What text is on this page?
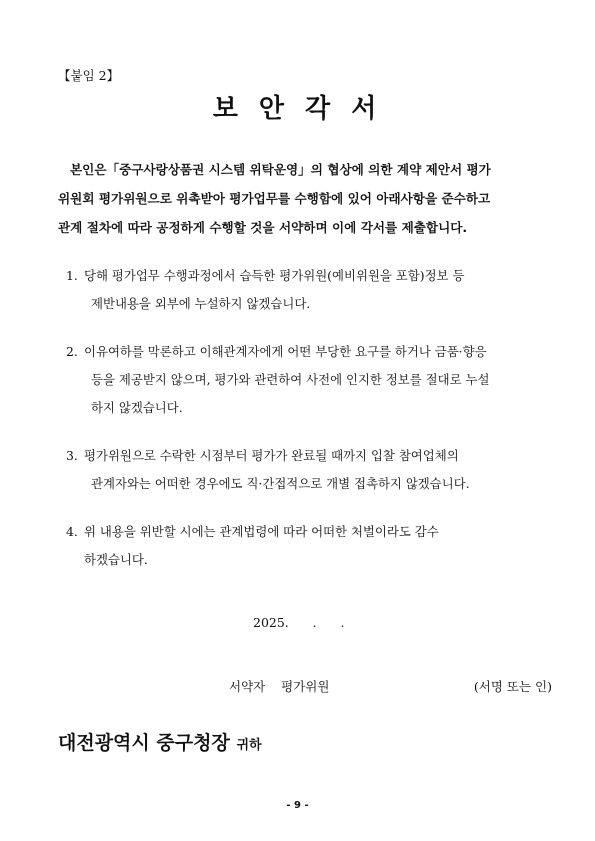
【붙임 2】
보 안 각 서
본인은「중구사랑상품권 시스템 위탁운영」의 협상에 의한 계약 제안서 평가
위원회 평가위원으로 위촉받아 평가업무를 수행함에 있어 아래사항을 준수하고
관계 절차에 따라 공정하게 수행할 것을 서약하며 이에 각서를 제출합니다.
1. 당해 평가업무 수행과정에서 습득한 평가위원(예비위원을 포함)정보 등
제반내용을 외부에 누설하지 않겠습니다.
2. 이유여하를 막론하고 이해관계자에게 어떤 부당한 요구를 하거나 금품·향응
등을 제공받지 않으며, 평가와 관련하여 사전에 인지한 정보를 절대로 누설
하지 않겠습니다.
3. 평가위원으로 수락한 시점부터 평가가 완료될 때까지 입찰 참여업체의
관계자와는 어떠한 경우에도 직·간접적으로 개별 접촉하지 않겠습니다.
4. 위 내용을 위반할 시에는 관계법령에 따라 어떠한 처벌이라도 감수
하겠습니다.
2025.      .      .
서약자    평가위원	(서명 또는 인)
대전광역시 중구청장 귀하
- 9 -
